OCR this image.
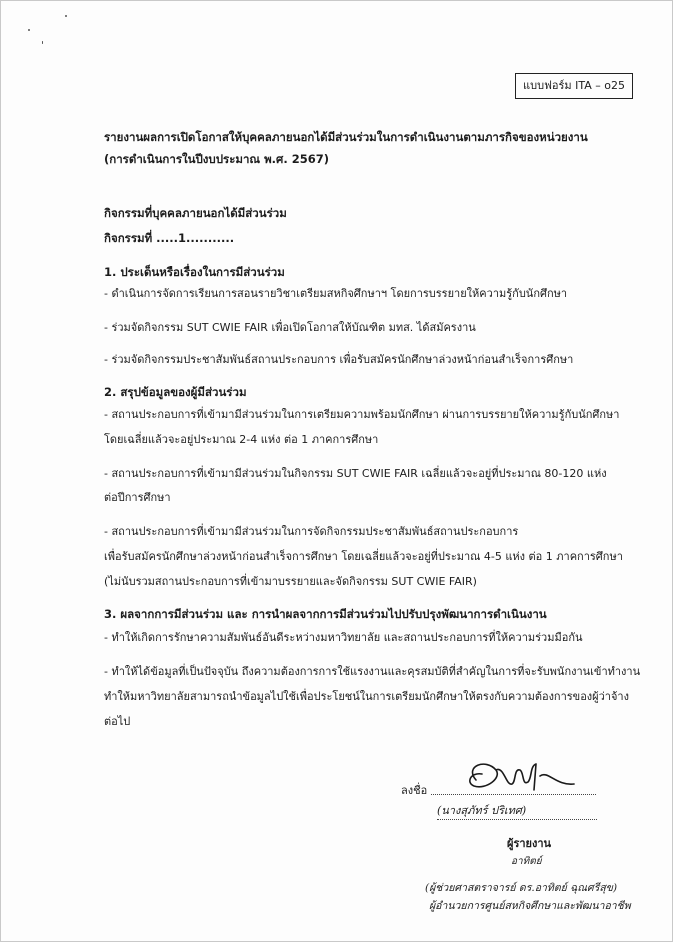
แบบฟอร์ม ITA – o25
รายงานผลการเปิดโอกาสให้บุคคลภายนอกได้มีส่วนร่วมในการดำเนินงานตามภารกิจของหน่วยงาน
(การดำเนินการในปีงบประมาณ พ.ศ. 2567)
กิจกรรมที่บุคคลภายนอกได้มีส่วนร่วม
กิจกรรมที่ .....1...........
1. ประเด็นหรือเรื่องในการมีส่วนร่วม
- ดำเนินการจัดการเรียนการสอนรายวิชาเตรียมสหกิจศึกษาฯ โดยการบรรยายให้ความรู้กับนักศึกษา
- ร่วมจัดกิจกรรม SUT CWIE FAIR เพื่อเปิดโอกาสให้บัณฑิต มทส. ได้สมัครงาน
- ร่วมจัดกิจกรรมประชาสัมพันธ์สถานประกอบการ เพื่อรับสมัครนักศึกษาล่วงหน้าก่อนสำเร็จการศึกษา
2. สรุปข้อมูลของผู้มีส่วนร่วม
- สถานประกอบการที่เข้ามามีส่วนร่วมในการเตรียมความพร้อมนักศึกษา ผ่านการบรรยายให้ความรู้กับนักศึกษา
โดยเฉลี่ยแล้วจะอยู่ประมาณ 2-4 แห่ง ต่อ 1 ภาคการศึกษา
- สถานประกอบการที่เข้ามามีส่วนร่วมในกิจกรรม SUT CWIE FAIR เฉลี่ยแล้วจะอยู่ที่ประมาณ 80-120 แห่ง
ต่อปีการศึกษา
- สถานประกอบการที่เข้ามามีส่วนร่วมในการจัดกิจกรรมประชาสัมพันธ์สถานประกอบการ
เพื่อรับสมัครนักศึกษาล่วงหน้าก่อนสำเร็จการศึกษา โดยเฉลี่ยแล้วจะอยู่ที่ประมาณ 4-5 แห่ง ต่อ 1 ภาคการศึกษา
(ไม่นับรวมสถานประกอบการที่เข้ามาบรรยายและจัดกิจกรรม SUT CWIE FAIR)
3. ผลจากการมีส่วนร่วม และ การนำผลจากการมีส่วนร่วมไปปรับปรุงพัฒนาการดำเนินงาน
- ทำให้เกิดการรักษาความสัมพันธ์อันดีระหว่างมหาวิทยาลัย และสถานประกอบการที่ให้ความร่วมมือกัน
- ทำให้ได้ข้อมูลที่เป็นปัจจุบัน ถึงความต้องการการใช้แรงงานและคุรสมบัติที่สำคัญในการที่จะรับพนักงานเข้าทำงาน
ทำให้มหาวิทยาลัยสามารถนำข้อมูลไปใช้เพื่อประโยชน์ในการเตรียมนักศึกษาให้ตรงกับความต้องการของผู้ว่าจ้าง
ต่อไป
ลงชื่อ
(นางสุภัทร์ ปริเทศ)
ผู้รายงาน
อาทิตย์
(ผู้ช่วยศาสตราจารย์ ดร.อาทิตย์ ฉุณศรีสุข)
ผู้อำนวยการศูนย์สหกิจศึกษาและพัฒนาอาชีพ
